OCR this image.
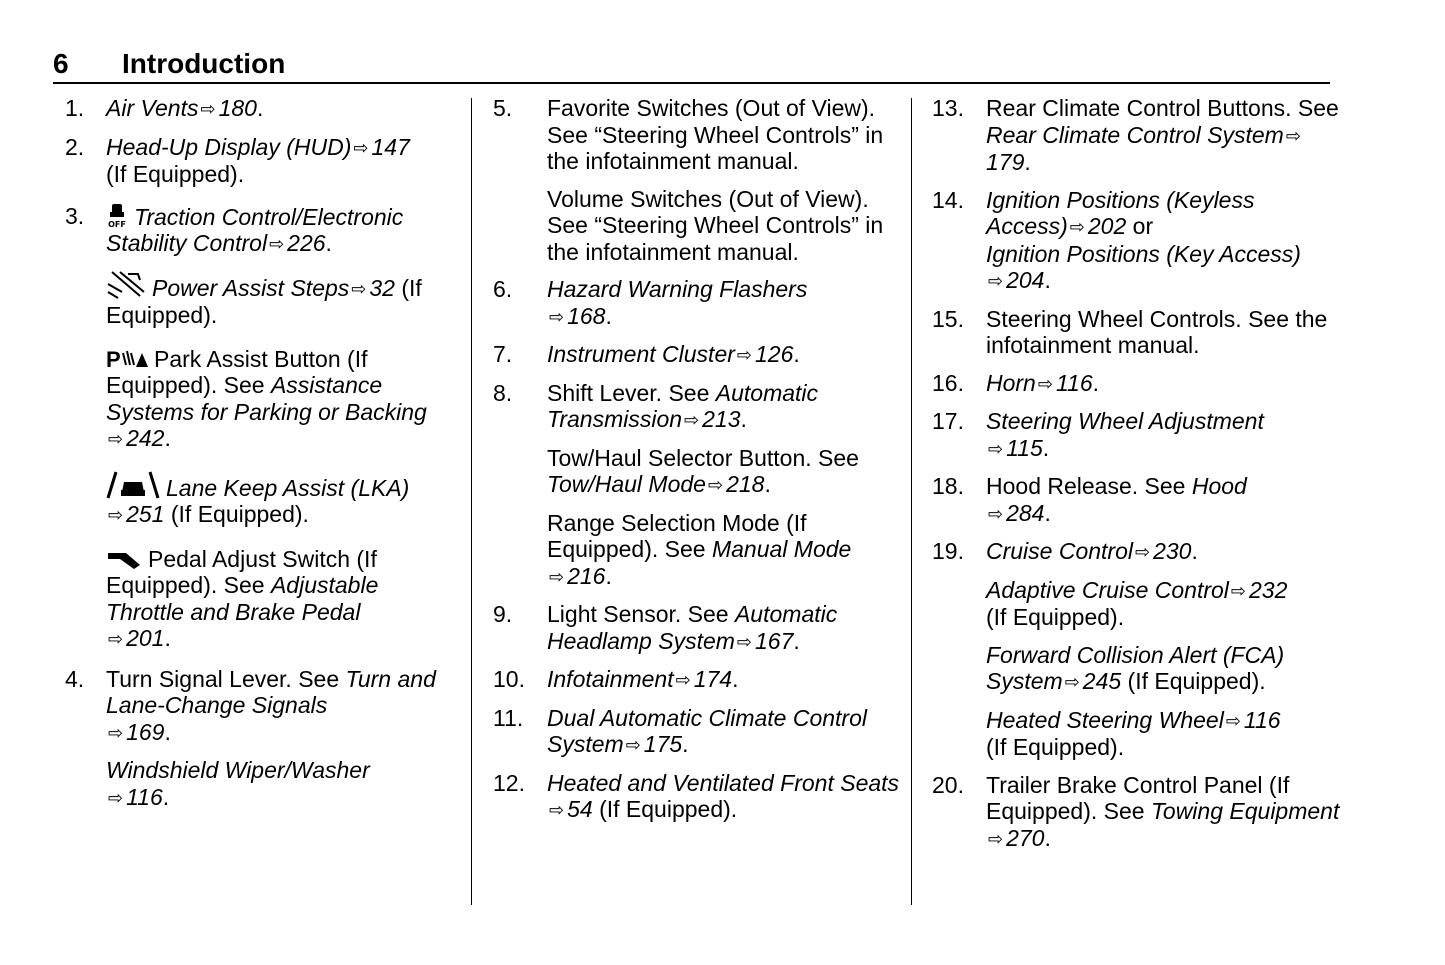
6 Introduction
1. Air Vents ⇨ 180.
2. Head-Up Display (HUD) ⇨ 147
(If Equipped).
3.	OFF Traction Control/Electronic Stability Control ⇨ 226.
Power Assist Steps ⇨ 32 (If Equipped).
P Park Assist Button (If Equipped). See Assistance Systems for Parking or Backing
⇨ 242.
Lane Keep Assist (LKA)
⇨ 251 (If Equipped).
Pedal Adjust Switch (If Equipped). See Adjustable Throttle and Brake Pedal
⇨ 201.
4. Turn Signal Lever. See Turn and Lane-Change Signals
⇨ 169.
Windshield Wiper/Washer
⇨ 116.
5.	Favorite Switches (Out of View). See “Steering Wheel Controls” in the infotainment manual.
Volume Switches (Out of View). See “Steering Wheel Controls” in the infotainment manual.
6.	Hazard Warning Flashers
⇨ 168.
7.	Instrument Cluster ⇨ 126.
8.	Shift Lever. See Automatic Transmission ⇨ 213.
Tow/Haul Selector Button. See Tow/Haul Mode ⇨ 218.
Range Selection Mode (If Equipped). See Manual Mode
⇨ 216.
9.	Light Sensor. See Automatic Headlamp System ⇨ 167.
10. Infotainment ⇨ 174.
11.	Dual Automatic Climate Control System ⇨ 175.
12. Heated and Ventilated Front Seats⇨ 54 (If Equipped).
13. Rear Climate Control Buttons. See Rear Climate Control System ⇨179.
14. Ignition Positions (Keyless Access) ⇨ 202 or
Ignition Positions (Key Access)
⇨ 204.
15. Steering Wheel Controls. See the infotainment manual.
16. Horn ⇨ 116.
17. Steering Wheel Adjustment
⇨ 115.
18. Hood Release. See Hood
⇨ 284.
19. Cruise Control ⇨ 230.
Adaptive Cruise Control ⇨ 232
(If Equipped).
Forward Collision Alert (FCA) System ⇨ 245 (If Equipped).
Heated Steering Wheel ⇨ 116
(If Equipped).
20. Trailer Brake Control Panel (If Equipped). See Towing Equipment⇨ 270.
